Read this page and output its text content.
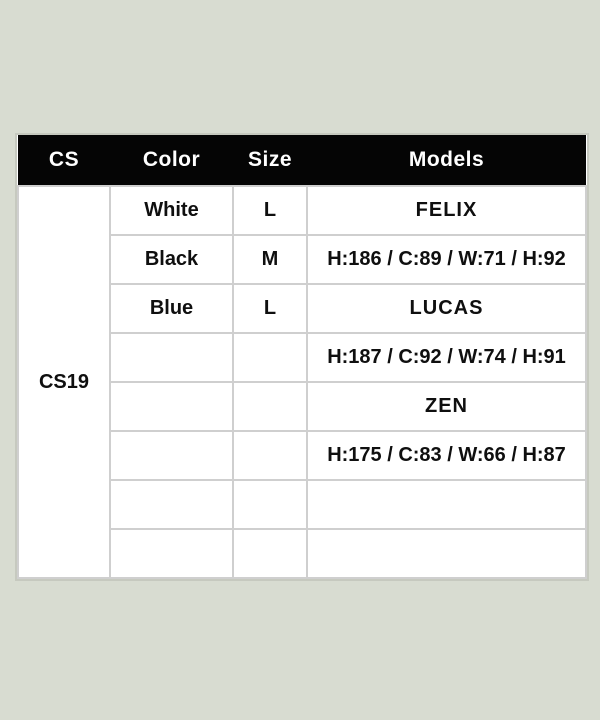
CS	Color	Size	Models
CS19	White	L	FELIX
	Black	M	H:186 / C:89 / W:71 / H:92
	Blue	L	LUCAS
			H:187 / C:92 / W:74 / H:91
			ZEN
			H:175 / C:83 / W:66 / H:87
